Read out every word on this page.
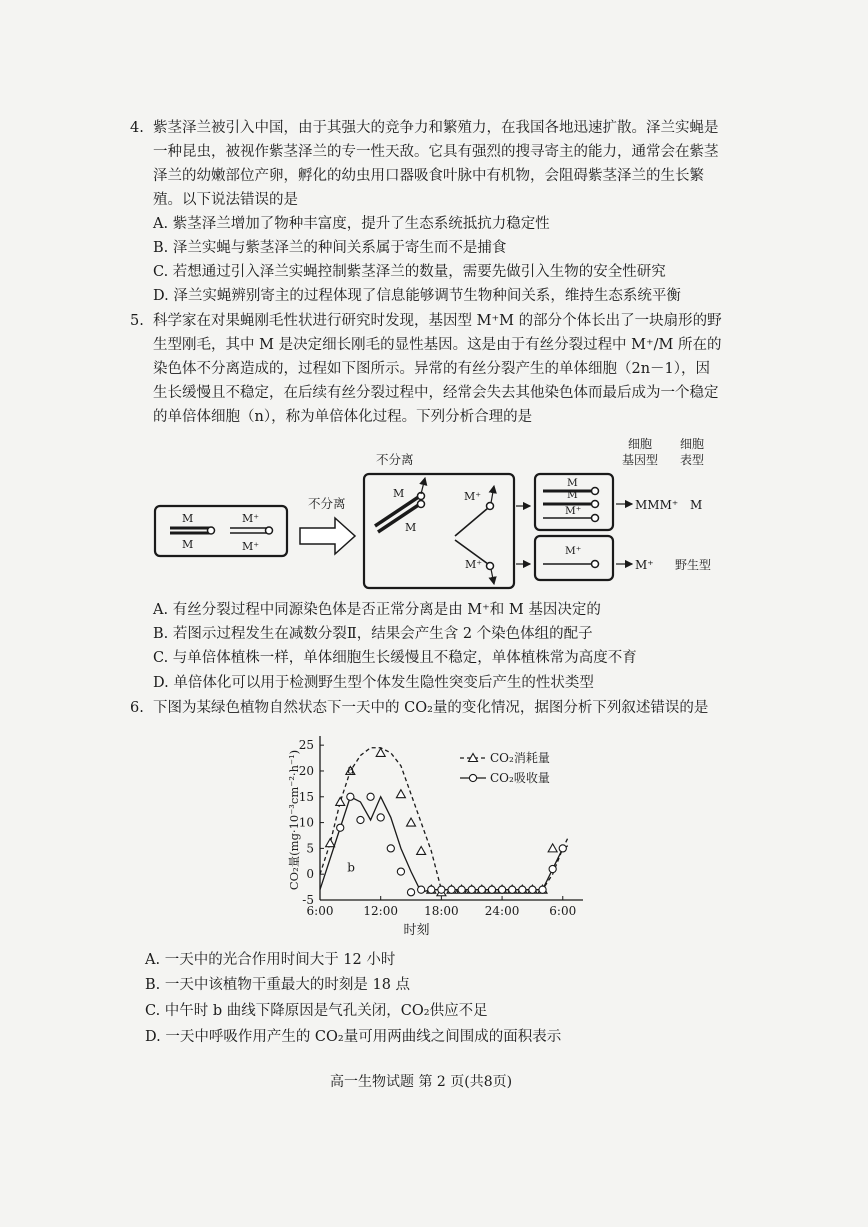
4. 紫茎泽兰被引入中国，由于其强大的竞争力和繁殖力，在我国各地迅速扩散。泽兰实蝇是
一种昆虫，被视作紫茎泽兰的专一性天敌。它具有强烈的搜寻寄主的能力，通常会在紫茎
泽兰的幼嫩部位产卵，孵化的幼虫用口器吸食叶脉中有机物，会阻碍紫茎泽兰的生长繁
殖。以下说法错误的是
A. 紫茎泽兰增加了物种丰富度，提升了生态系统抵抗力稳定性
B. 泽兰实蝇与紫茎泽兰的种间关系属于寄生而不是捕食
C. 若想通过引入泽兰实蝇控制紫茎泽兰的数量，需要先做引入生物的安全性研究
D. 泽兰实蝇辨别寄主的过程体现了信息能够调节生物种间关系，维持生态系统平衡
5. 科学家在对果蝇刚毛性状进行研究时发现，基因型 M⁺M 的部分个体长出了一块扇形的野
生型刚毛，其中 M 是决定细长刚毛的显性基因。这是由于有丝分裂过程中 M⁺/M 所在的
染色体不分离造成的，过程如下图所示。异常的有丝分裂产生的单体细胞（2n－1），因
生长缓慢且不稳定，在后续有丝分裂过程中，经常会失去其他染色体而最后成为一个稳定
的单倍体细胞（n），称为单倍体化过程。下列分析合理的是
细胞
基因型
细胞
表型
M
M
M⁺
M⁺
不分离
不分离
M
M
M⁺
M⁺
M
M
M⁺	MMM⁺ M
M⁺
M⁺ 野生型
A. 有丝分裂过程中同源染色体是否正常分离是由 M⁺和 M 基因决定的
B. 若图示过程发生在减数分裂Ⅱ，结果会产生含 2 个染色体组的配子
C. 与单倍体植株一样，单体细胞生长缓慢且不稳定，单体植株常为高度不育
D. 单倍体化可以用于检测野生型个体发生隐性突变后产生的性状类型
6. 下图为某绿色植物自然状态下一天中的 CO₂量的变化情况，据图分析下列叙述错误的是
-5
0
5
10
15
20
25
6:00 12:00 18:00 24:00 6:00
时刻
CO₂量(mg·10⁻³cm⁻²·h⁻¹)	a
b
CO₂消耗量
CO₂吸收量
A. 一天中的光合作用时间大于 12 小时
B. 一天中该植物干重最大的时刻是 18 点
C. 中午时 b 曲线下降原因是气孔关闭，CO₂供应不足
D. 一天中呼吸作用产生的 CO₂量可用两曲线之间围成的面积表示
高一生物试题 第 2 页(共8页)
